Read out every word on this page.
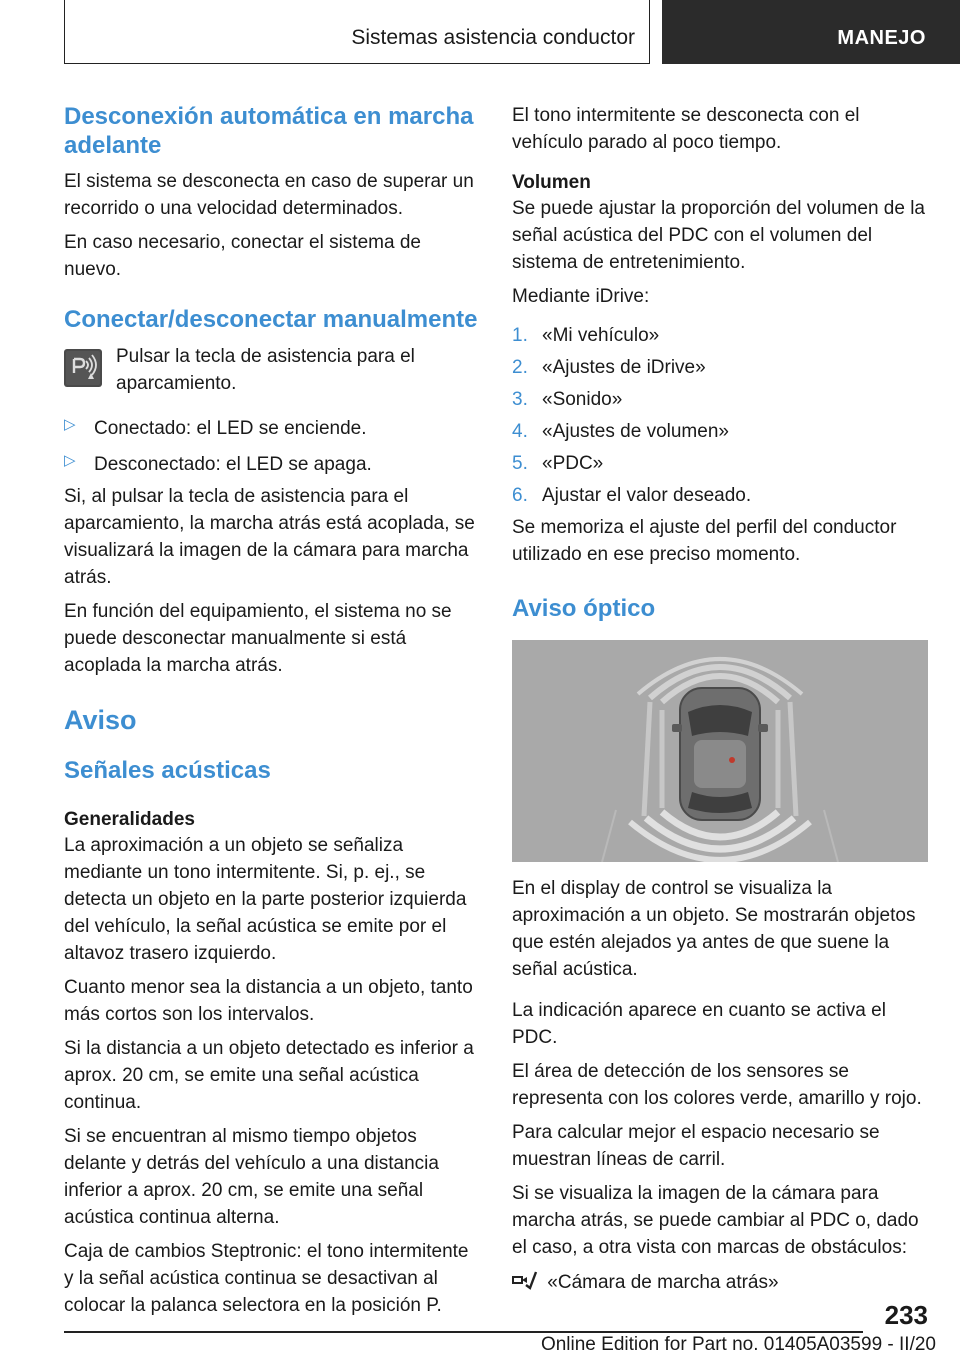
Sistemas asistencia conductor	MANEJO
Desconexión automática en marcha adelante

El sistema se desconecta en caso de superar un recorrido o una velocidad determinados.

En caso necesario, conectar el sistema de nuevo.

Conectar/desconectar manualmente

Pulsar la tecla de asistencia para el aparcamiento.

▷ Conectado: el LED se enciende.
▷ Desconectado: el LED se apaga.

Si, al pulsar la tecla de asistencia para el aparcamiento, la marcha atrás está acoplada, se visualizará la imagen de la cámara para marcha atrás.

En función del equipamiento, el sistema no se puede desconectar manualmente si está acoplada la marcha atrás.

Aviso
Señales acústicas
Generalidades

La aproximación a un objeto se señaliza mediante un tono intermitente. Si, p. ej., se detecta un objeto en la parte posterior izquierda del vehículo, la señal acústica se emite por el altavoz trasero izquierdo.

Cuanto menor sea la distancia a un objeto, tanto más cortos son los intervalos.

Si la distancia a un objeto detectado es inferior a aprox. 20 cm, se emite una señal acústica continua.

Si se encuentran al mismo tiempo objetos delante y detrás del vehículo a una distancia inferior a aprox. 20 cm, se emite una señal acústica continua alterna.

Caja de cambios Steptronic: el tono intermitente y la señal acústica continua se desactivan al colocar la palanca selectora en la posición P.

El tono intermitente se desconecta con el vehículo parado al poco tiempo.

Volumen

Se puede ajustar la proporción del volumen de la señal acústica del PDC con el volumen del sistema de entretenimiento.

Mediante iDrive:

1. «Mi vehículo»
2. «Ajustes de iDrive»
3. «Sonido»
4. «Ajustes de volumen»
5. «PDC»
6. Ajustar el valor deseado.

Se memoriza el ajuste del perfil del conductor utilizado en ese preciso momento.

Aviso óptico

En el display de control se visualiza la aproximación a un objeto. Se mostrarán objetos que estén alejados ya antes de que suene la señal acústica.

La indicación aparece en cuanto se activa el PDC.

El área de detección de los sensores se representa con los colores verde, amarillo y rojo.

Para calcular mejor el espacio necesario se muestran líneas de carril.

Si se visualiza la imagen de la cámara para marcha atrás, se puede cambiar al PDC o, dado el caso, a otra vista con marcas de obstáculos:

«Cámara de marcha atrás»
233
Online Edition for Part no. 01405A03599 - II/20
